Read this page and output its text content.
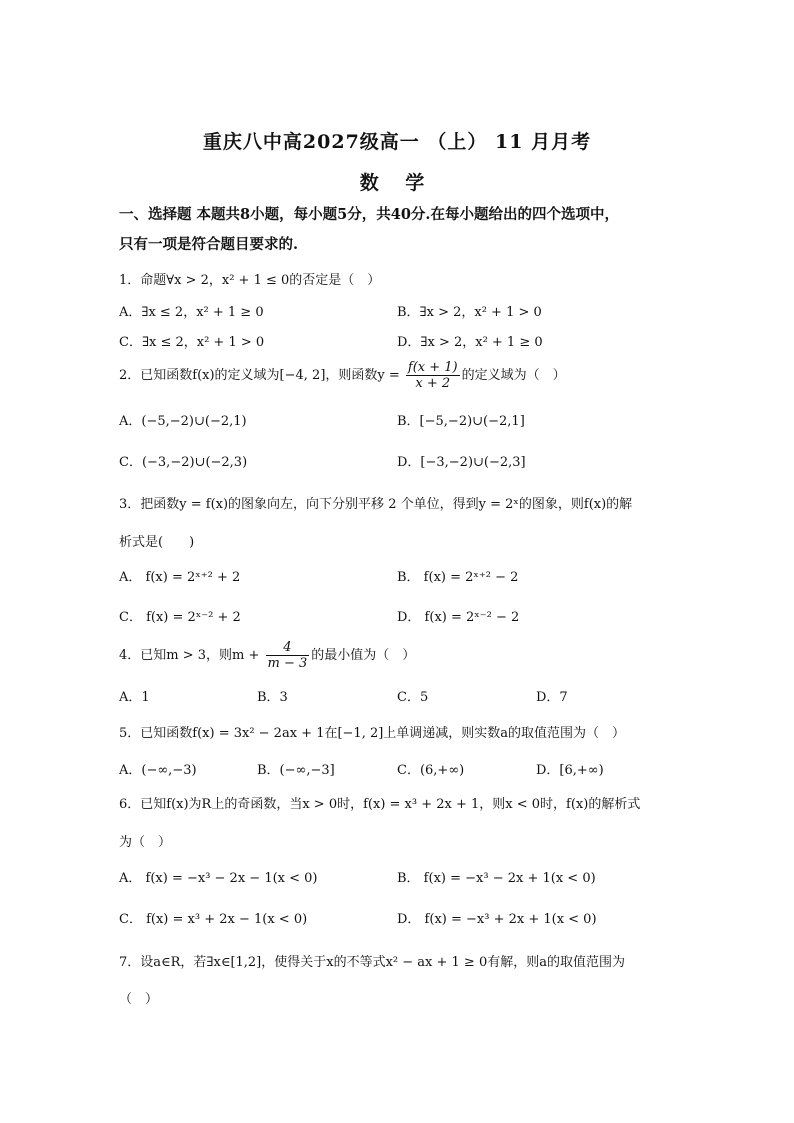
重庆八中高2027级高一 （上） 11 月月考
数 学
一、选择题 本题共8小题，每小题5分，共40分.在每小题给出的四个选项中，
只有一项是符合题目要求的.
1．命题∀x > 2，x² + 1 ≤ 0的否定是（　）
A．∃x ≤ 2，x² + 1 ≥ 0	B．∃x > 2，x² + 1 > 0
C．∃x ≤ 2，x² + 1 > 0	D．∃x > 2，x² + 1 ≥ 0
2．已知函数f(x)的定义域为[−4, 2]，则函数$y = \frac{f(x + 1)}{x + 2}$ 的定义域为（　）
A．(−5,−2)∪(−2,1)	B．[−5,−2)∪(−2,1]
C．(−3,−2)∪(−2,3)	D．[−3,−2)∪(−2,3]
3．把函数y = f(x)的图象向左，向下分别平移 2 个单位，得到y = 2ˣ的图象，则f(x)的解
析式是(　　)
A． f(x) = 2ˣ⁺² + 2	B． f(x) = 2ˣ⁺² − 2
C． f(x) = 2ˣ⁻² + 2	D． f(x) = 2ˣ⁻² − 2
4．已知m > 3，则$m + \frac{4}{m - 3}$ 的最小值为（　）
A．1	B．3	C．5	D．7
5．已知函数f(x) = 3x² − 2ax + 1在[−1, 2]上单调递减，则实数a的取值范围为（　）
A．(−∞,−3)	B．(−∞,−3]	C．(6,+∞)	D．[6,+∞)
6．已知f(x)为R上的奇函数，当x > 0时，f(x) = x³ + 2x + 1，则x < 0时，f(x)的解析式
为（　）
A． f(x) = −x³ − 2x − 1(x < 0)	B． f(x) = −x³ − 2x + 1(x < 0)
C． f(x) = x³ + 2x − 1(x < 0)	D． f(x) = −x³ + 2x + 1(x < 0)
7．设a∈R，若∃x∈[1,2]，使得关于x的不等式x² − ax + 1 ≥ 0有解，则a的取值范围为
（　）
